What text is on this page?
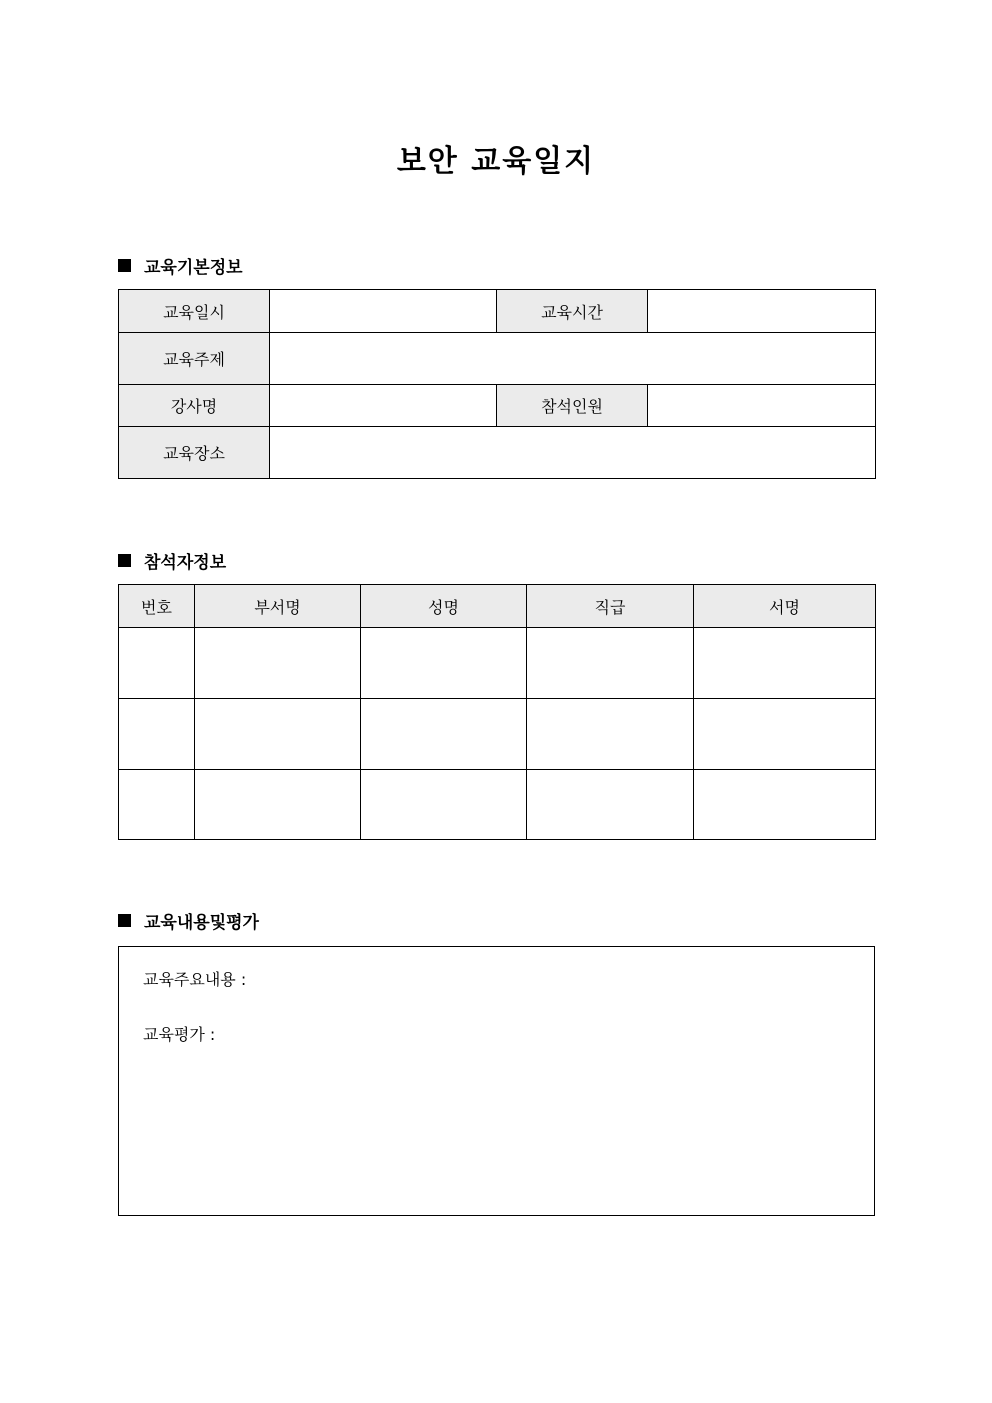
보안 교육일지
교육기본정보
교육일시		교육시간	
교육주제			
강사명		참석인원	
교육장소			
참석자정보
번호	부서명	성명	직급	서명

교육내용및평가
교육주요내용 :
교육평가 :
